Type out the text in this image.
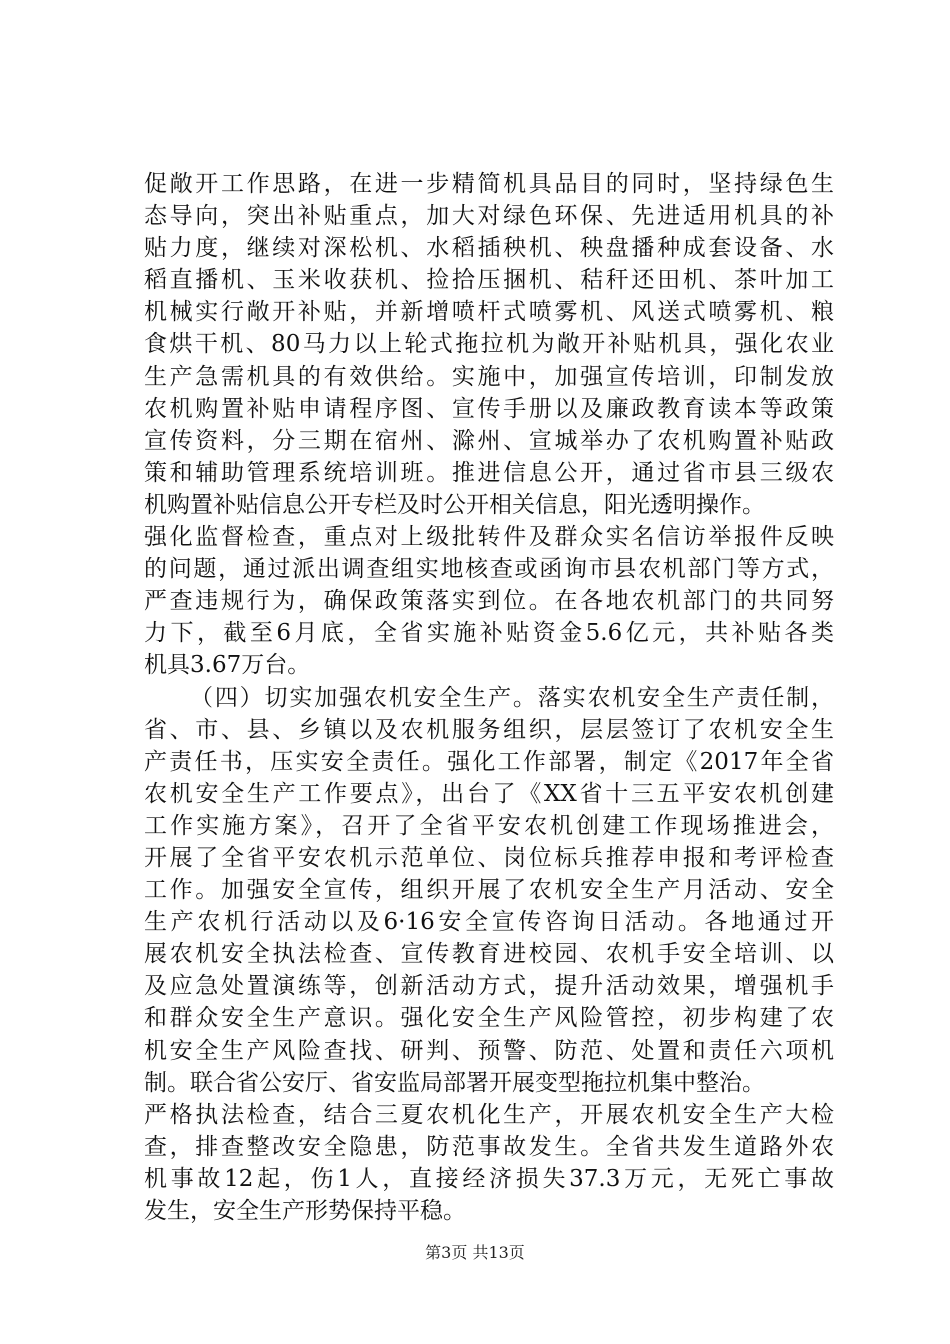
促敞开工作思路，在进一步精简机具品目的同时，坚持绿色生
态导向，突出补贴重点，加大对绿色环保、先进适用机具的补
贴力度，继续对深松机、水稻插秧机、秧盘播种成套设备、水
稻直播机、玉米收获机、捡拾压捆机、秸秆还田机、茶叶加工
机械实行敞开补贴，并新增喷杆式喷雾机、风送式喷雾机、粮
食烘干机、80马力以上轮式拖拉机为敞开补贴机具，强化农业
生产急需机具的有效供给。实施中，加强宣传培训，印制发放
农机购置补贴申请程序图、宣传手册以及廉政教育读本等政策
宣传资料，分三期在宿州、滁州、宣城举办了农机购置补贴政
策和辅助管理系统培训班。推进信息公开，通过省市县三级农
机购置补贴信息公开专栏及时公开相关信息，阳光透明操作。
强化监督检查，重点对上级批转件及群众实名信访举报件反映
的问题，通过派出调查组实地核查或函询市县农机部门等方式，
严查违规行为，确保政策落实到位。在各地农机部门的共同努
力下，截至6月底，全省实施补贴资金5.6亿元，共补贴各类
机具3.67万台。
（四）切实加强农机安全生产。落实农机安全生产责任制，
省、市、县、乡镇以及农机服务组织，层层签订了农机安全生
产责任书，压实安全责任。强化工作部署，制定《2017年全省
农机安全生产工作要点》，出台了《XX省十三五平安农机创建
工作实施方案》，召开了全省平安农机创建工作现场推进会，
开展了全省平安农机示范单位、岗位标兵推荐申报和考评检查
工作。加强安全宣传，组织开展了农机安全生产月活动、安全
生产农机行活动以及6·16安全宣传咨询日活动。各地通过开
展农机安全执法检查、宣传教育进校园、农机手安全培训、以
及应急处置演练等，创新活动方式，提升活动效果，增强机手
和群众安全生产意识。强化安全生产风险管控，初步构建了农
机安全生产风险查找、研判、预警、防范、处置和责任六项机
制。联合省公安厅、省安监局部署开展变型拖拉机集中整治。
严格执法检查，结合三夏农机化生产，开展农机安全生产大检
查，排查整改安全隐患，防范事故发生。全省共发生道路外农
机事故12起，伤1人，直接经济损失37.3万元，无死亡事故
发生，安全生产形势保持平稳。
第3页 共13页
